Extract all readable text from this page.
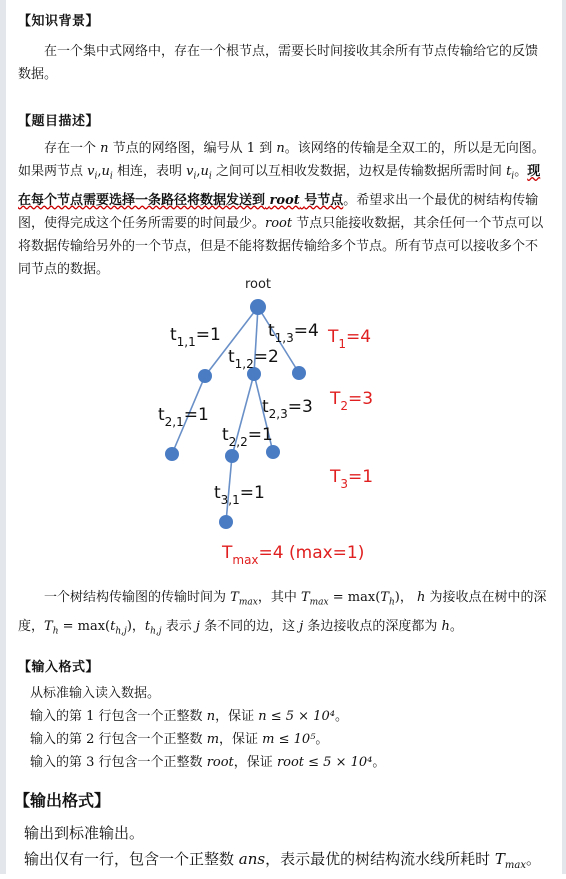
【知识背景】
在一个集中式网络中，存在一个根节点，需要长时间接收其余所有节点传输给它的反馈数据。
【题目描述】

存在一个 n 节点的网络图，编号从 1 到 n。该网络的传输是全双工的，所以是无向图。如果两节点 $v_i,u_i$ 相连，表明 $v_i,u_i$ 之间可以互相收发数据，边权是传输数据所需时间 $t_i$。现在每个节点需要选择一条路径将数据发送到 root 号节点。希望求出一个最优的树结构传输图，使得完成这个任务所需要的时间最少。root 节点只能接收数据，其余任何一个节点可以将数据传输给另外的一个节点，但是不能将数据传输给多个节点。所有节点可以接收多个不同节点的数据。

root
$t_{1,1}=1$
$t_{1,2}=2$
$t_{1,3}=4$
$t_{2,1}=1$
$t_{2,2}=1$
$t_{2,3}=3$
$t_{3,1}=1$
$T_1=4$
$T_2=3$
$T_3=1$
$T_{max}=4$ (max=1)

一个树结构传输图的传输时间为 $T_{max}$，其中 $T_{max} = \max(T_h)$， h 为接收点在树中的深度，$T_h = \max(t_{h,j})$，$t_{h,j}$ 表示 j 条不同的边，这 j 条边接收点的深度都为 h。

【输入格式】

从标准输入读入数据。

输入的第 1 行包含一个正整数 n，保证 n ≤ 5 × 10⁴。

输入的第 2 行包含一个正整数 m，保证 m ≤ 10⁵。

输入的第 3 行包含一个正整数 root，保证 root ≤ 5 × 10⁴。

【输出格式】
输出到标准输出。
输出仅有一行，包含一个正整数 ans，表示最优的树结构流水线所耗时 $T_{max}$。
